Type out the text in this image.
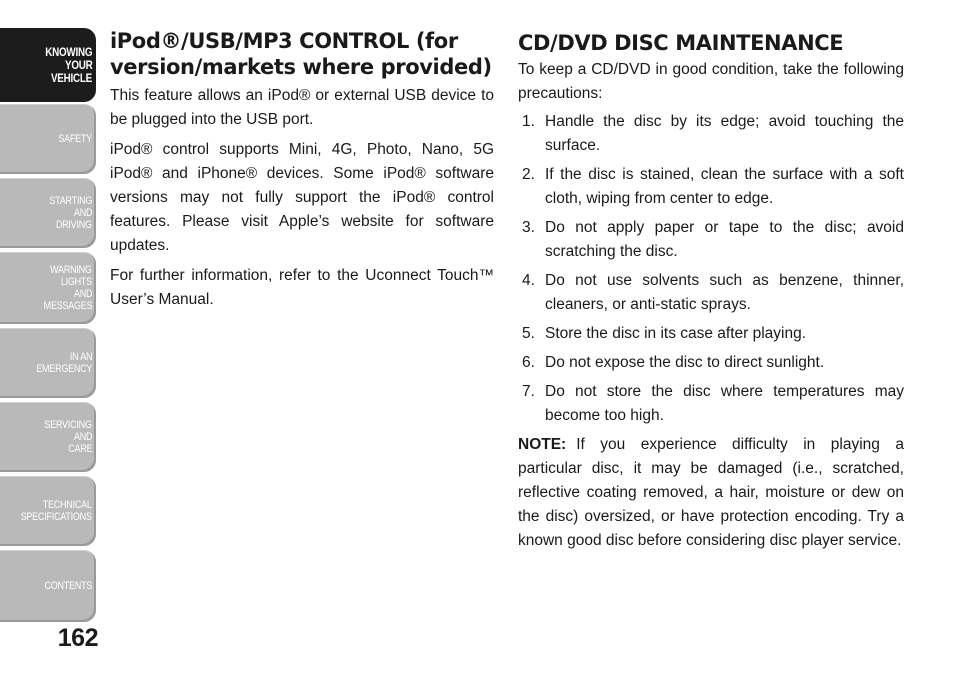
KNOWING
YOUR
VEHICLE
SAFETY
STARTING
AND
DRIVING
WARNING
LIGHTS
AND
MESSAGES
IN AN
EMERGENCY
SERVICING
AND
CARE
TECHNICAL
SPECIFICATIONS
CONTENTS
162
iPod®/USB/MP3 CONTROL (for version/markets where provided)

This feature allows an iPod® or external USB device to be plugged into the USB port.

iPod® control supports Mini, 4G, Photo, Nano, 5G iPod® and iPhone® devices. Some iPod® software versions may not fully support the iPod® control features. Please visit Apple’s website for software updates.

For further information, refer to the Uconnect Touch™ User’s Manual.

CD/DVD DISC MAINTENANCE

To keep a CD/DVD in good condition, take the following precautions:

1. Handle the disc by its edge; avoid touching the surface.
2. If the disc is stained, clean the surface with a soft cloth, wiping from center to edge.
3. Do not apply paper or tape to the disc; avoid scratching the disc.
4. Do not use solvents such as benzene, thinner, cleaners, or anti-static sprays.
5. Store the disc in its case after playing.
6. Do not expose the disc to direct sunlight.
7. Do not store the disc where temperatures may become too high.

NOTE: If you experience difficulty in playing a particular disc, it may be damaged (i.e., scratched, reflective coating removed, a hair, moisture or dew on the disc) oversized, or have protection encoding. Try a known good disc before considering disc player service.
